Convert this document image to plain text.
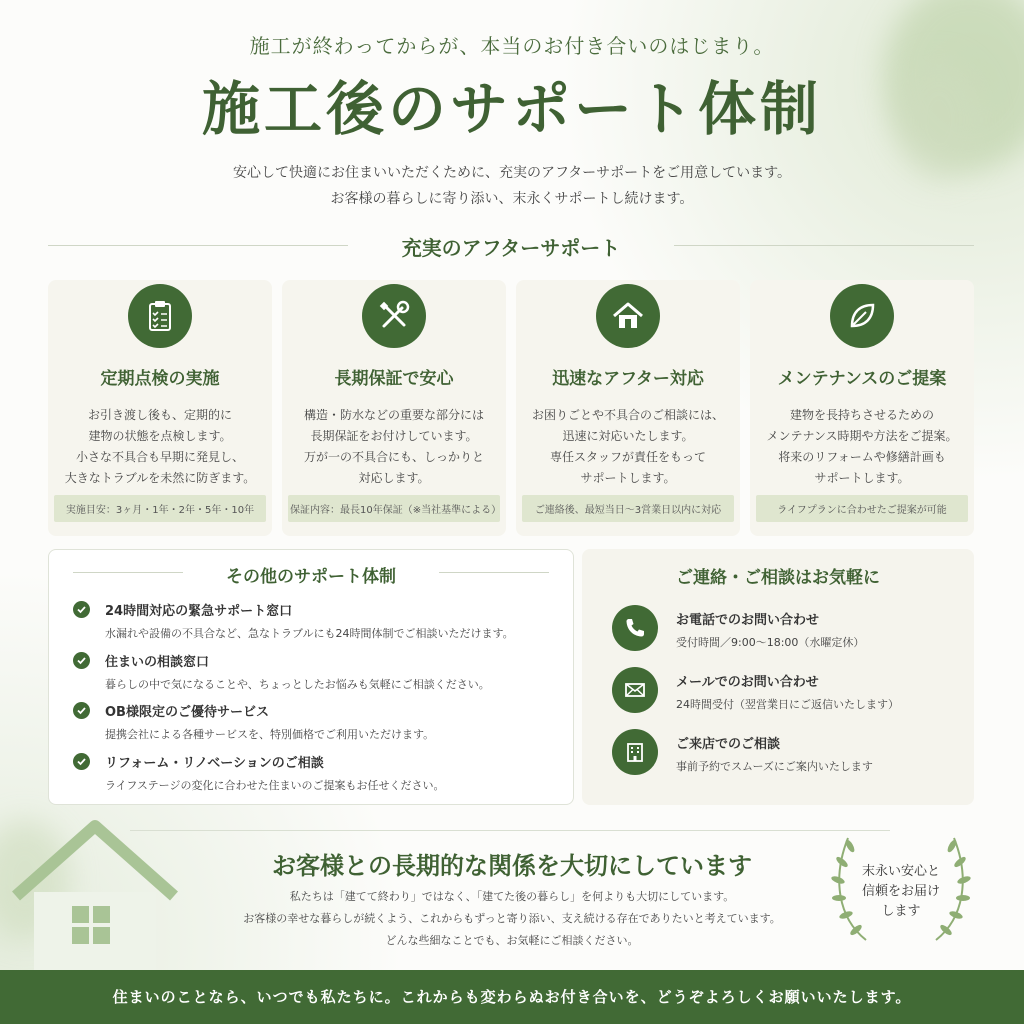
施工が終わってからが、本当のお付き合いのはじまり。
施工後のサポート体制
安心して快適にお住まいいただくために、充実のアフターサポートをご用意しています。
お客様の暮らしに寄り添い、末永くサポートし続けます。
充実のアフターサポート
定期点検の実施
お引き渡し後も、定期的に
建物の状態を点検します。
小さな不具合も早期に発見し、
大きなトラブルを未然に防ぎます。
実施目安：3ヶ月・1年・2年・5年・10年
長期保証で安心
構造・防水などの重要な部分には
長期保証をお付けしています。
万が一の不具合にも、しっかりと
対応します。
保証内容：最長10年保証（※当社基準による）
迅速なアフター対応
お困りごとや不具合のご相談には、
迅速に対応いたします。
専任スタッフが責任をもって
サポートします。
ご連絡後、最短当日〜3営業日以内に対応
メンテナンスのご提案
建物を長持ちさせるための
メンテナンス時期や方法をご提案。
将来のリフォームや修繕計画も
サポートします。
ライフプランに合わせたご提案が可能
その他のサポート体制
24時間対応の緊急サポート窓口
水漏れや設備の不具合など、急なトラブルにも24時間体制でご相談いただけます。
住まいの相談窓口
暮らしの中で気になることや、ちょっとしたお悩みも気軽にご相談ください。
OB様限定のご優待サービス
提携会社による各種サービスを、特別価格でご利用いただけます。
リフォーム・リノベーションのご相談
ライフステージの変化に合わせた住まいのご提案もお任せください。
ご連絡・ご相談はお気軽に
お電話でのお問い合わせ
受付時間／9:00〜18:00（水曜定休）
メールでのお問い合わせ
24時間受付（翌営業日にご返信いたします）
ご来店でのご相談
事前予約でスムーズにご案内いたします
お客様との長期的な関係を大切にしています
私たちは「建てて終わり」ではなく、「建てた後の暮らし」を何よりも大切にしています。
お客様の幸せな暮らしが続くよう、これからもずっと寄り添い、支え続ける存在でありたいと考えています。
どんな些細なことでも、お気軽にご相談ください。
末永い安心と
信頼をお届け
します
住まいのことなら、いつでも私たちに。これからも変わらぬお付き合いを、どうぞよろしくお願いいたします。
